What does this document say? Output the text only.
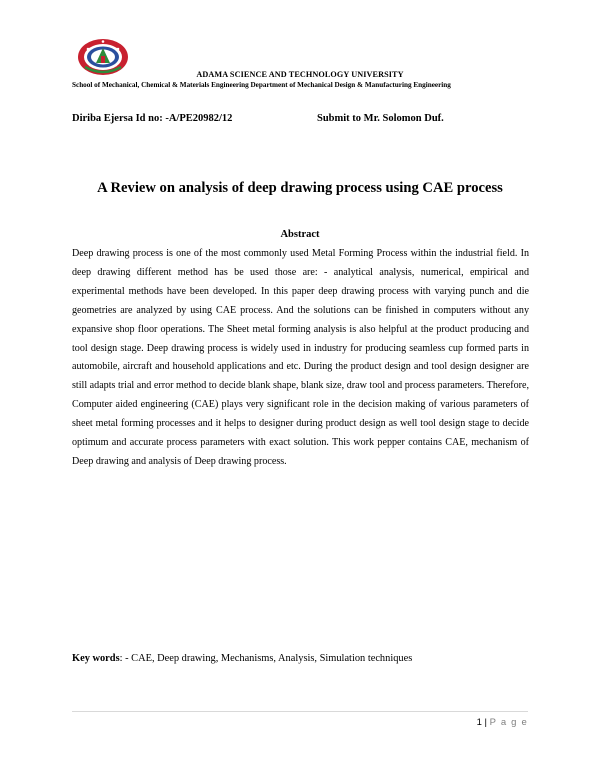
ADAMA SCIENCE AND TECHNOLOGY UNIVERSITY
School of Mechanical, Chemical & Materials Engineering Department of Mechanical Design & Manufacturing Engineering
Diriba Ejersa Id no: -A/PE20982/12	Submit to Mr. Solomon Duf.
A Review on analysis of deep drawing process using CAE process
Abstract

Deep drawing process is one of the most commonly used Metal Forming Process within the industrial field. In deep drawing different method has be used those are: - analytical analysis, numerical, empirical and experimental methods have been developed. In this paper deep drawing process with varying punch and die geometries are analyzed by using CAE process. And the solutions can be finished in computers without any expansive shop floor operations. The Sheet metal forming analysis is also helpful at the product producing and tool design stage. Deep drawing process is widely used in industry for producing seamless cup formed parts in automobile, aircraft and household applications and etc. During the product design and tool design designer are still adapts trial and error method to decide blank shape, blank size, draw tool and process parameters. Therefore, Computer aided engineering (CAE) plays very significant role in the decision making of various parameters of sheet metal forming processes and it helps to designer during product design as well tool design stage to decide optimum and accurate process parameters with exact solution. This work pepper contains CAE, mechanism of Deep drawing and analysis of Deep drawing process.

Key words: - CAE, Deep drawing, Mechanisms, Analysis, Simulation techniques
1 | P a g e
